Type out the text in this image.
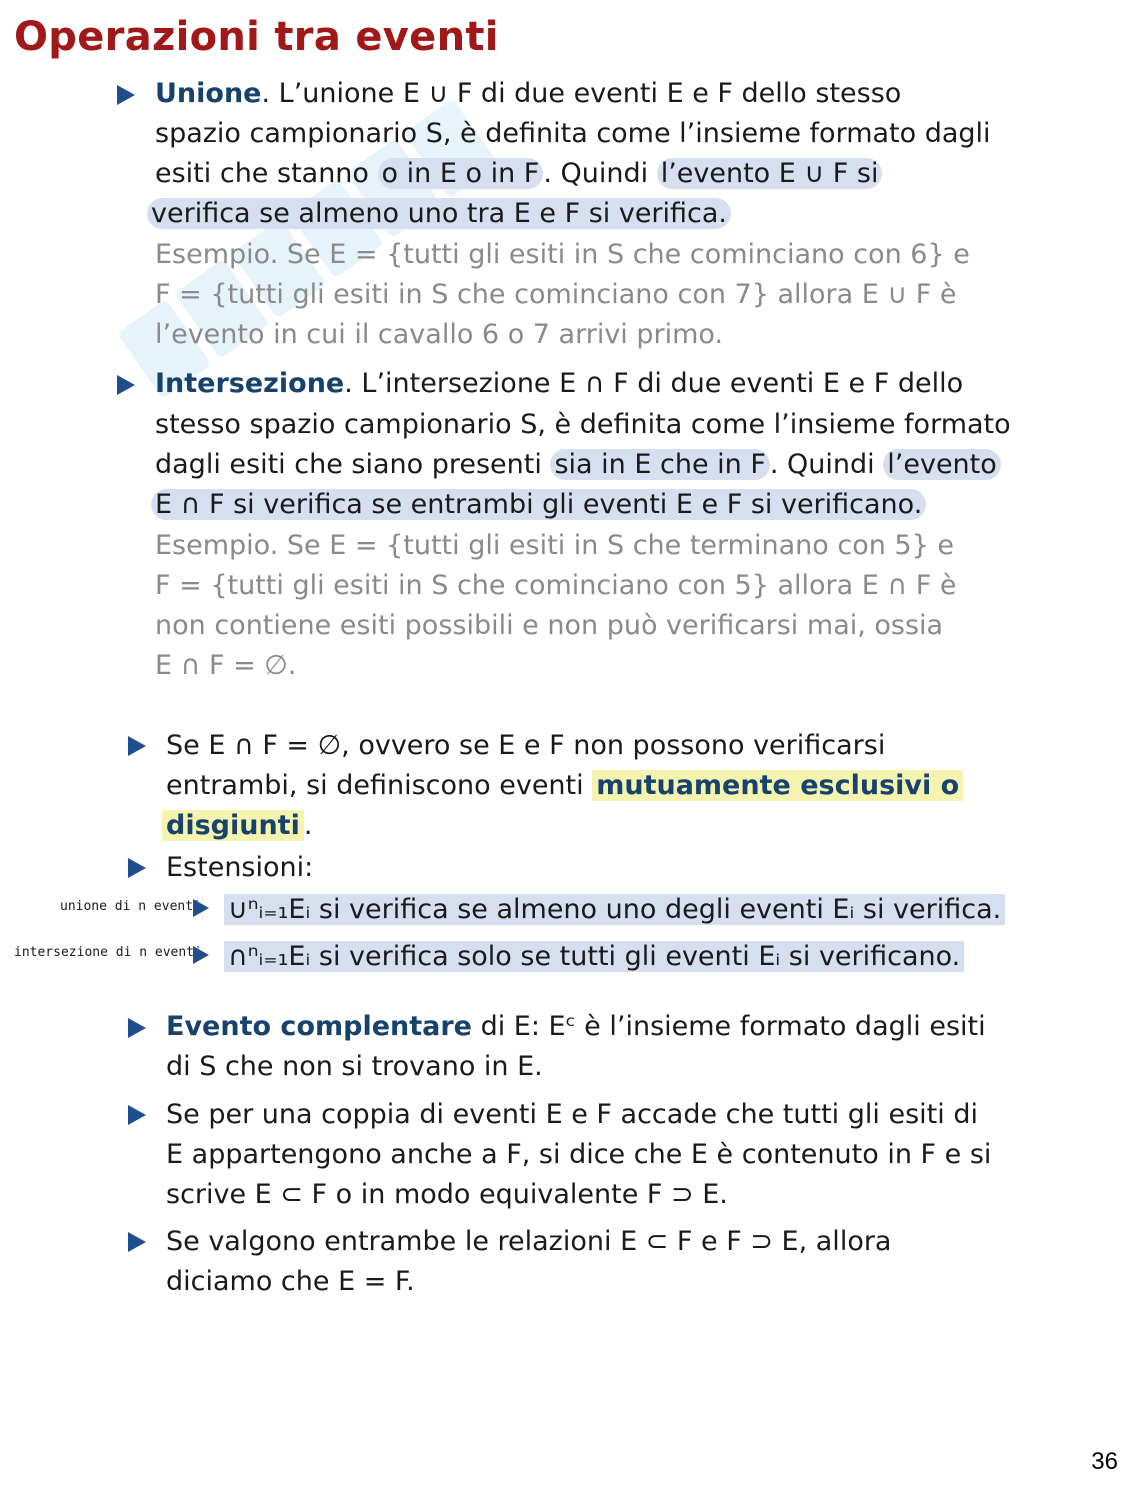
Operazioni tra eventi
Unione. L’unione E ∪ F di due eventi E e F dello stesso
spazio campionario S, è definita come l’insieme formato dagli
esiti che stanno o in E o in F . Quindi l’evento E ∪ F si
verifica se almeno uno tra E e F si verifica.
Esempio. Se E = {tutti gli esiti in S che cominciano con 6} e
F = {tutti gli esiti in S che cominciano con 7} allora E ∪ F è
l’evento in cui il cavallo 6 o 7 arrivi primo.
Intersezione. L’intersezione E ∩ F di due eventi E e F dello
stesso spazio campionario S, è definita come l’insieme formato
dagli esiti che siano presenti sia in E che in F . Quindi l’evento
E ∩ F si verifica se entrambi gli eventi E e F si verificano.
Esempio. Se E = {tutti gli esiti in S che terminano con 5} e
F = {tutti gli esiti in S che cominciano con 5} allora E ∩ F è
non contiene esiti possibili e non può verificarsi mai, ossia
E ∩ F = ∅.
Se E ∩ F = ∅, ovvero se E e F non possono verificarsi
entrambi, si definiscono eventi mutuamente esclusivi o
disgiunti .
Estensioni:
unione di n eventi ∪ⁿᵢ₌₁Eᵢ si verifica se almeno uno degli eventi Eᵢ si verifica.
intersezione di n eventi ∩ⁿᵢ₌₁Eᵢ si verifica solo se tutti gli eventi Eᵢ si verificano.
Evento complentare di E: Eᶜ è l’insieme formato dagli esiti
di S che non si trovano in E.
Se per una coppia di eventi E e F accade che tutti gli esiti di
E appartengono anche a F, si dice che E è contenuto in F e si
scrive E ⊂ F o in modo equivalente F ⊃ E.
Se valgono entrambe le relazioni E ⊂ F e F ⊃ E, allora
diciamo che E = F.
36
